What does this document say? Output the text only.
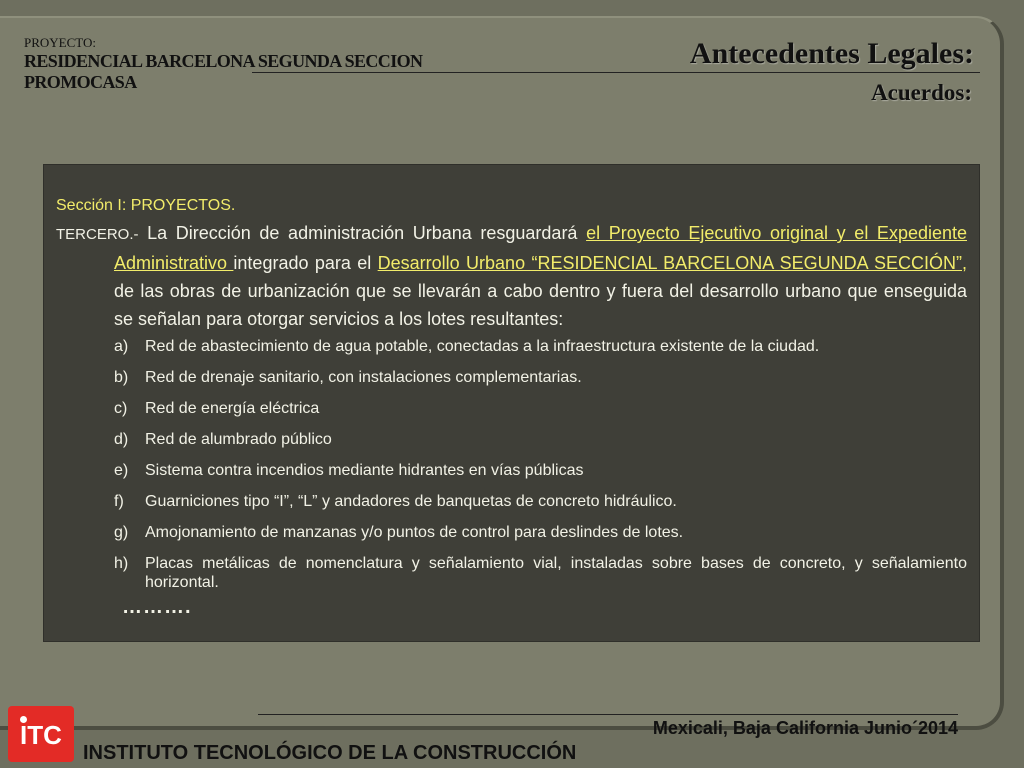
PROYECTO:
RESIDENCIAL BARCELONA SEGUNDA SECCION
PROMOCASA
Antecedentes Legales:
Acuerdos:

Sección I: PROYECTOS.

TERCERO.- La Dirección de administración Urbana resguardará el Proyecto Ejecutivo original y el Expediente Administrativo integrado para el Desarrollo Urbano “RESIDENCIAL BARCELONA SEGUNDA SECCIÓN”, de las obras de urbanización que se llevarán a cabo dentro y fuera del desarrollo urbano que enseguida se señalan para otorgar servicios a los lotes resultantes:

a)	Red de abastecimiento de agua potable, conectadas a la infraestructura existente de la ciudad.
b)	Red de drenaje sanitario, con instalaciones complementarias.
c)	Red de energía eléctrica
d)	Red de alumbrado público
e)	Sistema contra incendios mediante hidrantes en vías públicas
f)	Guarniciones tipo “I”, “L” y andadores de banquetas de concreto hidráulico.
g)	Amojonamiento de manzanas y/o puntos de control para deslindes de lotes.
h)	Placas metálicas de nomenclatura y señalamiento vial, instaladas sobre bases de concreto, y señalamiento horizontal.
……….
Mexicali, Baja California Junio´2014
ITC
INSTITUTO TECNOLÓGICO DE LA CONSTRUCCIÓN
